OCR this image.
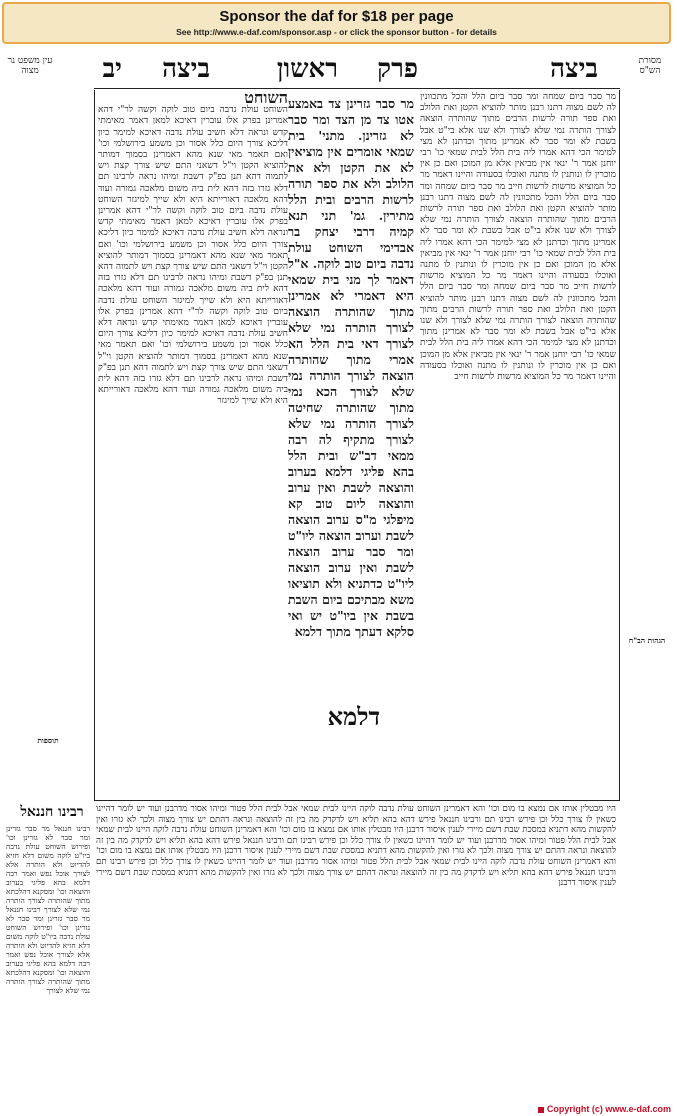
Sponsor the daf for $18 per page
See http://www.e-daf.com/sponsor.asp - or click the sponsor button - for details
ביצה
פרק
ראשון
ביצה
יב	מסורת הש"ס
עין משפט נר מצוה
הגהות הב"ח
תוספות
מר סבר ביום שמחה ומר סבר ביום הלל והכל מתכוונין לה לשם מצוה דתנו רבנן מותר להוציא הקטן ואת הלולב ואת ספר תורה לרשות הרבים מתוך שהותרה הוצאה לצורך הותרה נמי שלא לצורך ולא שנו אלא בי"ט אבל בשבת לא ומר סבר לא אמרינן מתוך וכדתנן לא מצי למימר הכי דהא אמרו ליה בית הלל לבית שמאי כו' רבי יוחנן אמר ר' ינאי אין מביאין אלא מן המוכן ואם כן אין מוכרין לו ונותנין לו מתנה ואוכלו בסעודה והיינו דאמר מר כל המוציא מרשות לרשות חייב מר סבר ביום שמחה ומר סבר ביום הלל והכל מתכוונין לה לשם מצוה דתנו רבנן מותר להוציא הקטן ואת הלולב ואת ספר תורה לרשות הרבים מתוך שהותרה הוצאה לצורך הותרה נמי שלא לצורך ולא שנו אלא בי"ט אבל בשבת לא ומר סבר לא אמרינן מתוך וכדתנן לא מצי למימר הכי דהא אמרו ליה בית הלל לבית שמאי כו' רבי יוחנן אמר ר' ינאי אין מביאין אלא מן המוכן ואם כן אין מוכרין לו ונותנין לו מתנה ואוכלו בסעודה והיינו דאמר מר כל המוציא מרשות לרשות חייב מר סבר ביום שמחה ומר סבר ביום הלל והכל מתכוונין לה לשם מצוה דתנו רבנן מותר להוציא הקטן ואת הלולב ואת ספר תורה לרשות הרבים מתוך שהותרה הוצאה לצורך הותרה נמי שלא לצורך ולא שנו אלא בי"ט אבל בשבת לא ומר סבר לא אמרינן מתוך וכדתנן לא מצי למימר הכי דהא אמרו ליה בית הלל לבית שמאי כו' רבי יוחנן אמר ר' ינאי אין מביאין אלא מן המוכן ואם כן אין מוכרין לו ונותנין לו מתנה ואוכלו בסעודה והיינו דאמר מר כל המוציא מרשות לרשות חייב
השוחט
השוחט עולת נדבה ביום טוב לוקה וקשה לר"י דהא אמרינן בפרק אלו עוברין דאיכא למאן דאמר מאימתי קדש ונראה דלא חשיב עולת נדבה דאיכא למימר כיון דליכא צורך היום כלל אסור וכן משמע בירושלמי וכו' ואם תאמר מאי שנא מהא דאמרינן בסמוך דמותר להוציא הקטן וי"ל דשאני התם שיש צורך קצת ויש לתמוה דהא תנן בפ"ק דשבת ומיהו נראה לרבינו תם דלא גזרו בזה דהא לית ביה משום מלאכה גמורה ועוד דהא מלאכה דאורייתא היא ולא שייך למיגזר השוחט עולת נדבה ביום טוב לוקה וקשה לר"י דהא אמרינן בפרק אלו עוברין דאיכא למאן דאמר מאימתי קדש ונראה דלא חשיב עולת נדבה דאיכא למימר כיון דליכא צורך היום כלל אסור וכן משמע בירושלמי וכו' ואם תאמר מאי שנא מהא דאמרינן בסמוך דמותר להוציא הקטן וי"ל דשאני התם שיש צורך קצת ויש לתמוה דהא תנן בפ"ק דשבת ומיהו נראה לרבינו תם דלא גזרו בזה דהא לית ביה משום מלאכה גמורה ועוד דהא מלאכה דאורייתא היא ולא שייך למיגזר השוחט עולת נדבה ביום טוב לוקה וקשה לר"י דהא אמרינן בפרק אלו עוברין דאיכא למאן דאמר מאימתי קדש ונראה דלא חשיב עולת נדבה דאיכא למימר כיון דליכא צורך היום כלל אסור וכן משמע בירושלמי וכו' ואם תאמר מאי שנא מהא דאמרינן בסמוך דמותר להוציא הקטן וי"ל דשאני התם שיש צורך קצת ויש לתמוה דהא תנן בפ"ק דשבת ומיהו נראה לרבינו תם דלא גזרו בזה דהא לית ביה משום מלאכה גמורה ועוד דהא מלאכה דאורייתא היא ולא שייך למיגזר
מר סבר גזרינן צד באמצע אטו צד מן הצד ומר סבר לא גזרינן. מתני' בית שמאי אומרים אין מוציאין לא את הקטן ולא את הלולב ולא את ספר תורה לרשות הרבים ובית הלל מתירין. גמ' תני תנא קמיה דרבי יצחק בר אבדימי השוחט עולת נדבה ביום טוב לוקה. א"ל דאמר לך מני בית שמאי היא דאמרי לא אמרינן מתוך שהותרה הוצאה לצורך הותרה נמי שלא לצורך דאי בית הלל הא אמרי מתוך שהותרה הוצאה לצורך הותרה נמי שלא לצורך הכא נמי מתוך שהותרה שחיטה לצורך הותרה נמי שלא לצורך מתקיף לה רבה ממאי דב"ש ובית הלל בהא פליגי דלמא בערוב והוצאה לשבת ואין ערוב והוצאה ליום טוב קא מיפלגי מ"ס ערוב הוצאה לשבת וערוב הוצאה ליו"ט ומר סבר ערוב הוצאה לשבת ואין ערוב הוצאה ליו"ט כדתניא ולא תוציאו משא מבתיכם ביום השבת בשבת אין ביו"ט יש ואי סלקא דעתך מתוך דלמא
דלמא
היו מבטלין אותו אם נמצא בו מום וכו' והא דאמרינן השוחט עולת נדבה לוקה היינו לבית שמאי אבל לבית הלל פטור ומיהו אסור מדרבנן ועוד יש לומר דהיינו כשאין לו צורך כלל וכן פירש רבינו תם ורבינו חננאל פירש דהא בהא תליא ויש לדקדק מה בין זה להוצאה ונראה דהתם יש צורך מצוה ולכך לא גזרו ואין להקשות מהא דתניא במסכת שבת דשם מיירי לענין איסור דרבנן היו מבטלין אותו אם נמצא בו מום וכו' והא דאמרינן השוחט עולת נדבה לוקה היינו לבית שמאי אבל לבית הלל פטור ומיהו אסור מדרבנן ועוד יש לומר דהיינו כשאין לו צורך כלל וכן פירש רבינו תם ורבינו חננאל פירש דהא בהא תליא ויש לדקדק מה בין זה להוצאה ונראה דהתם יש צורך מצוה ולכך לא גזרו ואין להקשות מהא דתניא במסכת שבת דשם מיירי לענין איסור דרבנן היו מבטלין אותו אם נמצא בו מום וכו' והא דאמרינן השוחט עולת נדבה לוקה היינו לבית שמאי אבל לבית הלל פטור ומיהו אסור מדרבנן ועוד יש לומר דהיינו כשאין לו צורך כלל וכן פירש רבינו תם ורבינו חננאל פירש דהא בהא תליא ויש לדקדק מה בין זה להוצאה ונראה דהתם יש צורך מצוה ולכך לא גזרו ואין להקשות מהא דתניא במסכת שבת דשם מיירי לענין איסור דרבנן
רבינו חננאל
רבינו חננאל מר סבר גזרינן ומר סבר לא גזרינן וכו' ופירוש השוחט עולת נדבה ביו"ט לוקה משום דלא חזיא להדיוט ולא הותרה אלא לצורך אוכל נפש ואמר רבה דלמא בהא פליגי בערוב והוצאה וכו' ומסקנא דהלכתא מתוך שהותרה לצורך הותרה נמי שלא לצורך רבינו חננאל מר סבר גזרינן ומר סבר לא גזרינן וכו' ופירוש השוחט עולת נדבה ביו"ט לוקה משום דלא חזיא להדיוט ולא הותרה אלא לצורך אוכל נפש ואמר רבה דלמא בהא פליגי בערוב והוצאה וכו' ומסקנא דהלכתא מתוך שהותרה לצורך הותרה נמי שלא לצורך
Copyright (c) www.e-daf.com
